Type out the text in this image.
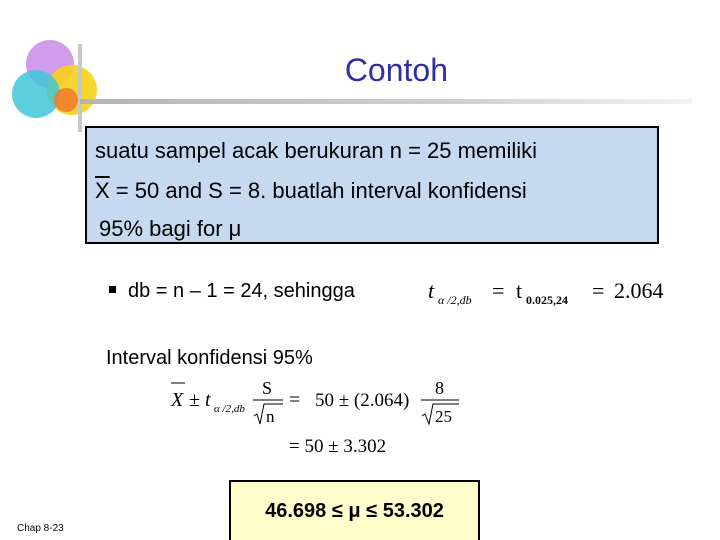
Contoh
suatu sampel acak berukuran n = 25 memiliki
$\overline{X} = 50$ and S = 8. buatlah interval konfidensi
95% bagi for μ
db = n – 1 = 24, sehingga	t α /2,db = t 0.025,24 = 2.064
Interval konfidensi 95%
X ± t α /2,db
S
n
= 50 ± (2.064)
8
25
= 50 ± 3.302
46.698 ≤ μ ≤ 53.302
Chap 8-23
